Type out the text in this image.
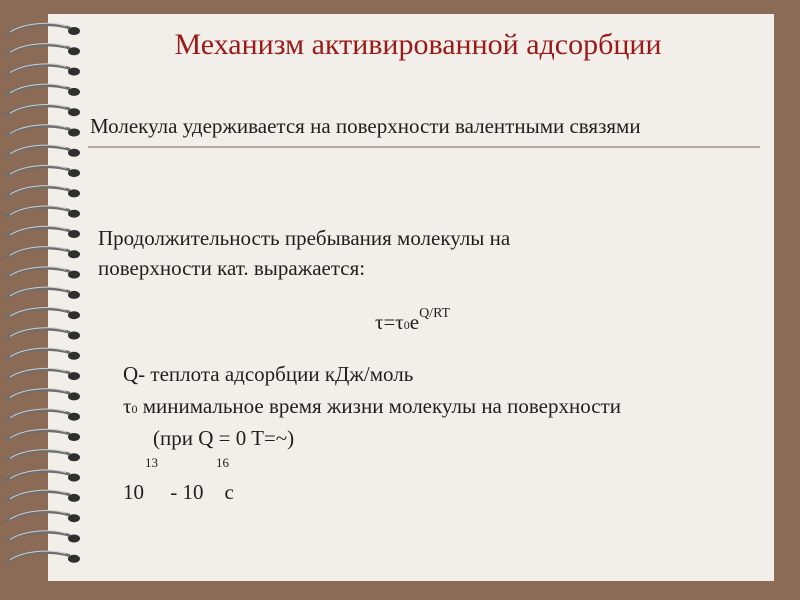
Механизм активированной адсорбции
Молекула удерживается на поверхности валентными связями
Продолжительность пребывания молекулы на
поверхности кат. выражается:
$\tau=\tau 0e^{Q/RT}$
Q- теплота адсорбции кДж/моль
τ0 минимальное время жизни молекулы на поверхности
(при Q = 0 T=~)
13	16
10     - 10    с
